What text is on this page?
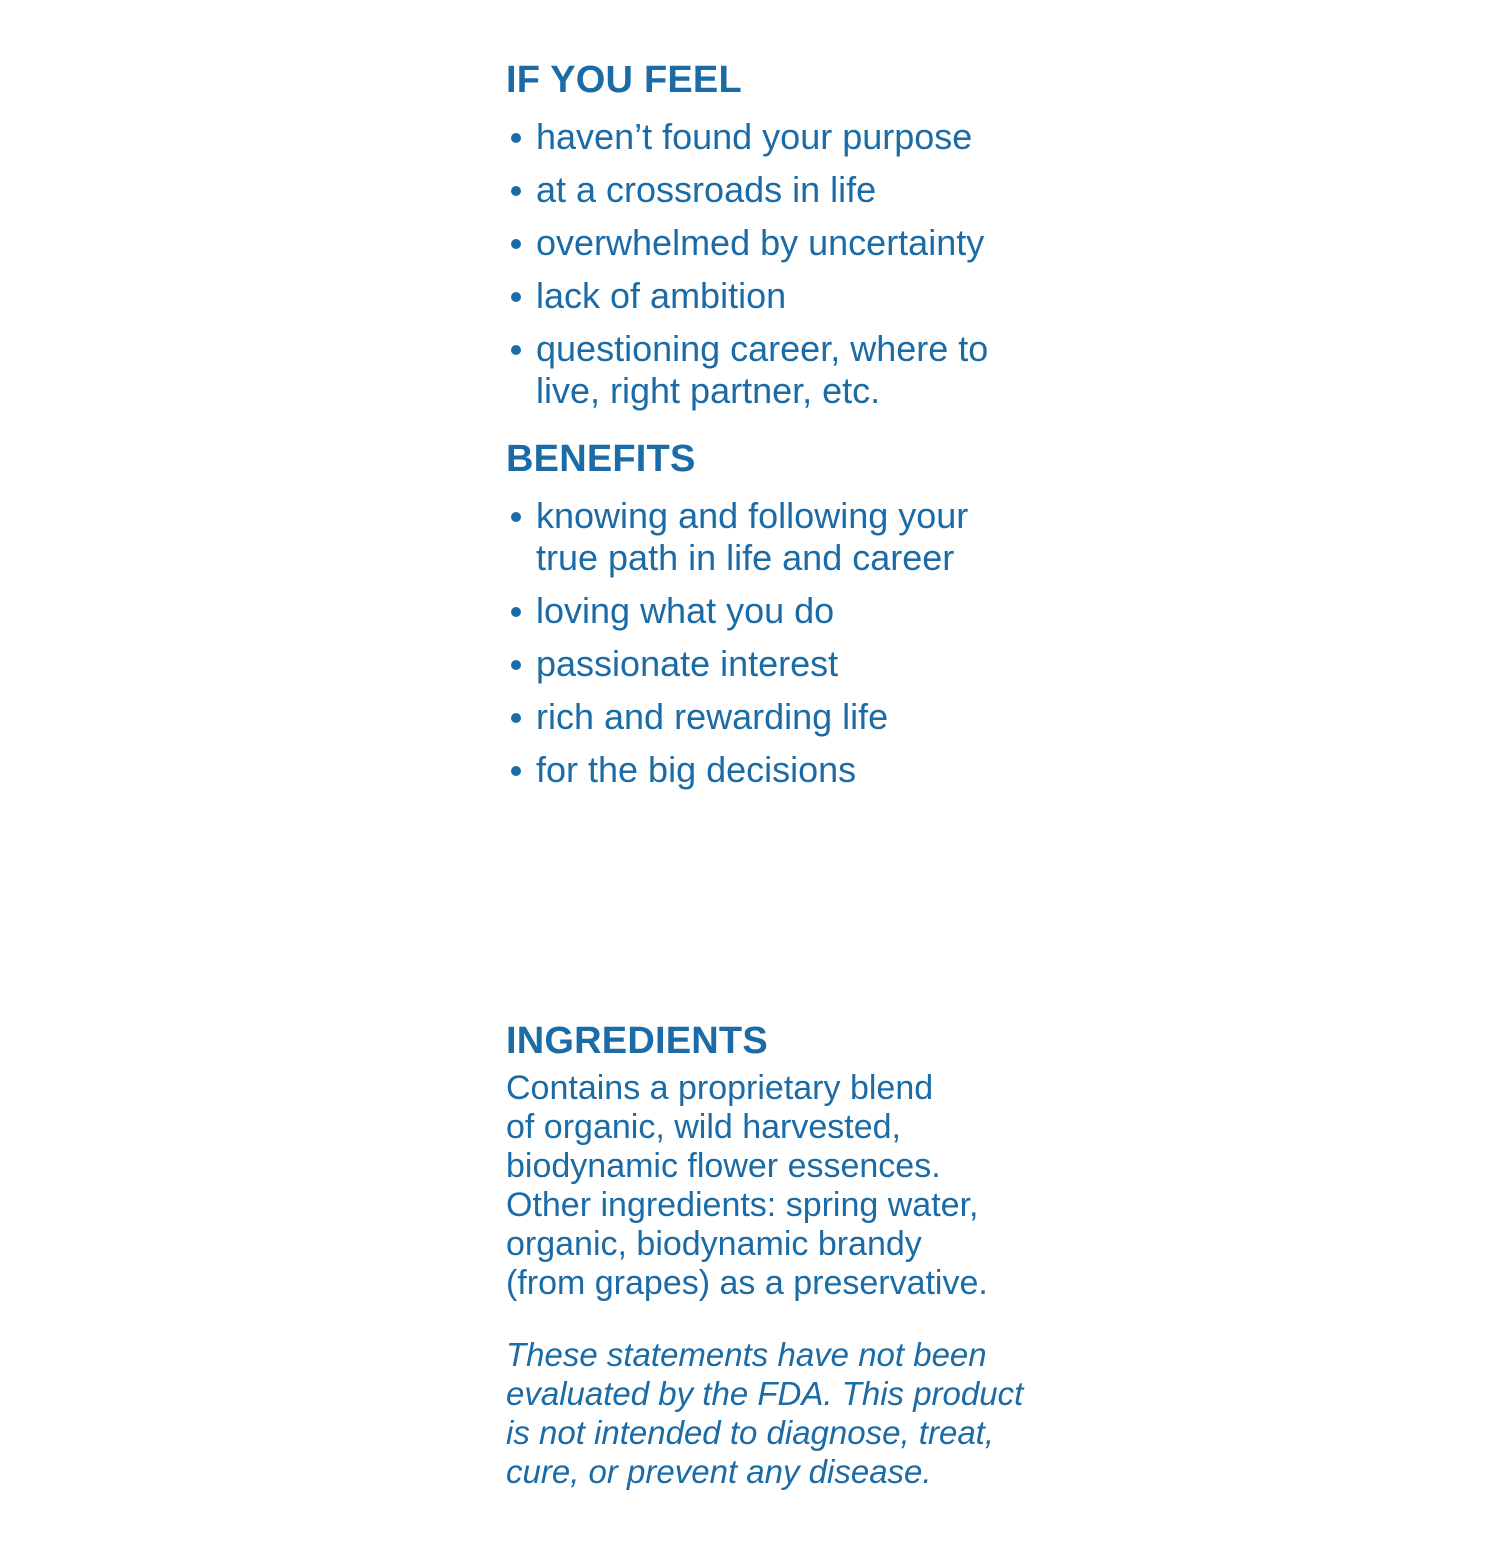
IF YOU FEEL
haven’t found your purpose
at a crossroads in life
overwhelmed by uncertainty
lack of ambition
questioning career, where to live, right partner, etc.
BENEFITS
knowing and following your true path in life and career
loving what you do
passionate interest
rich and rewarding life
for the big decisions
INGREDIENTS
Contains a proprietary blend
of organic, wild harvested,
biodynamic flower essences.
Other ingredients: spring water,
organic, biodynamic brandy
(from grapes) as a preservative.
These statements have not been
evaluated by the FDA. This product
is not intended to diagnose, treat,
cure, or prevent any disease.
